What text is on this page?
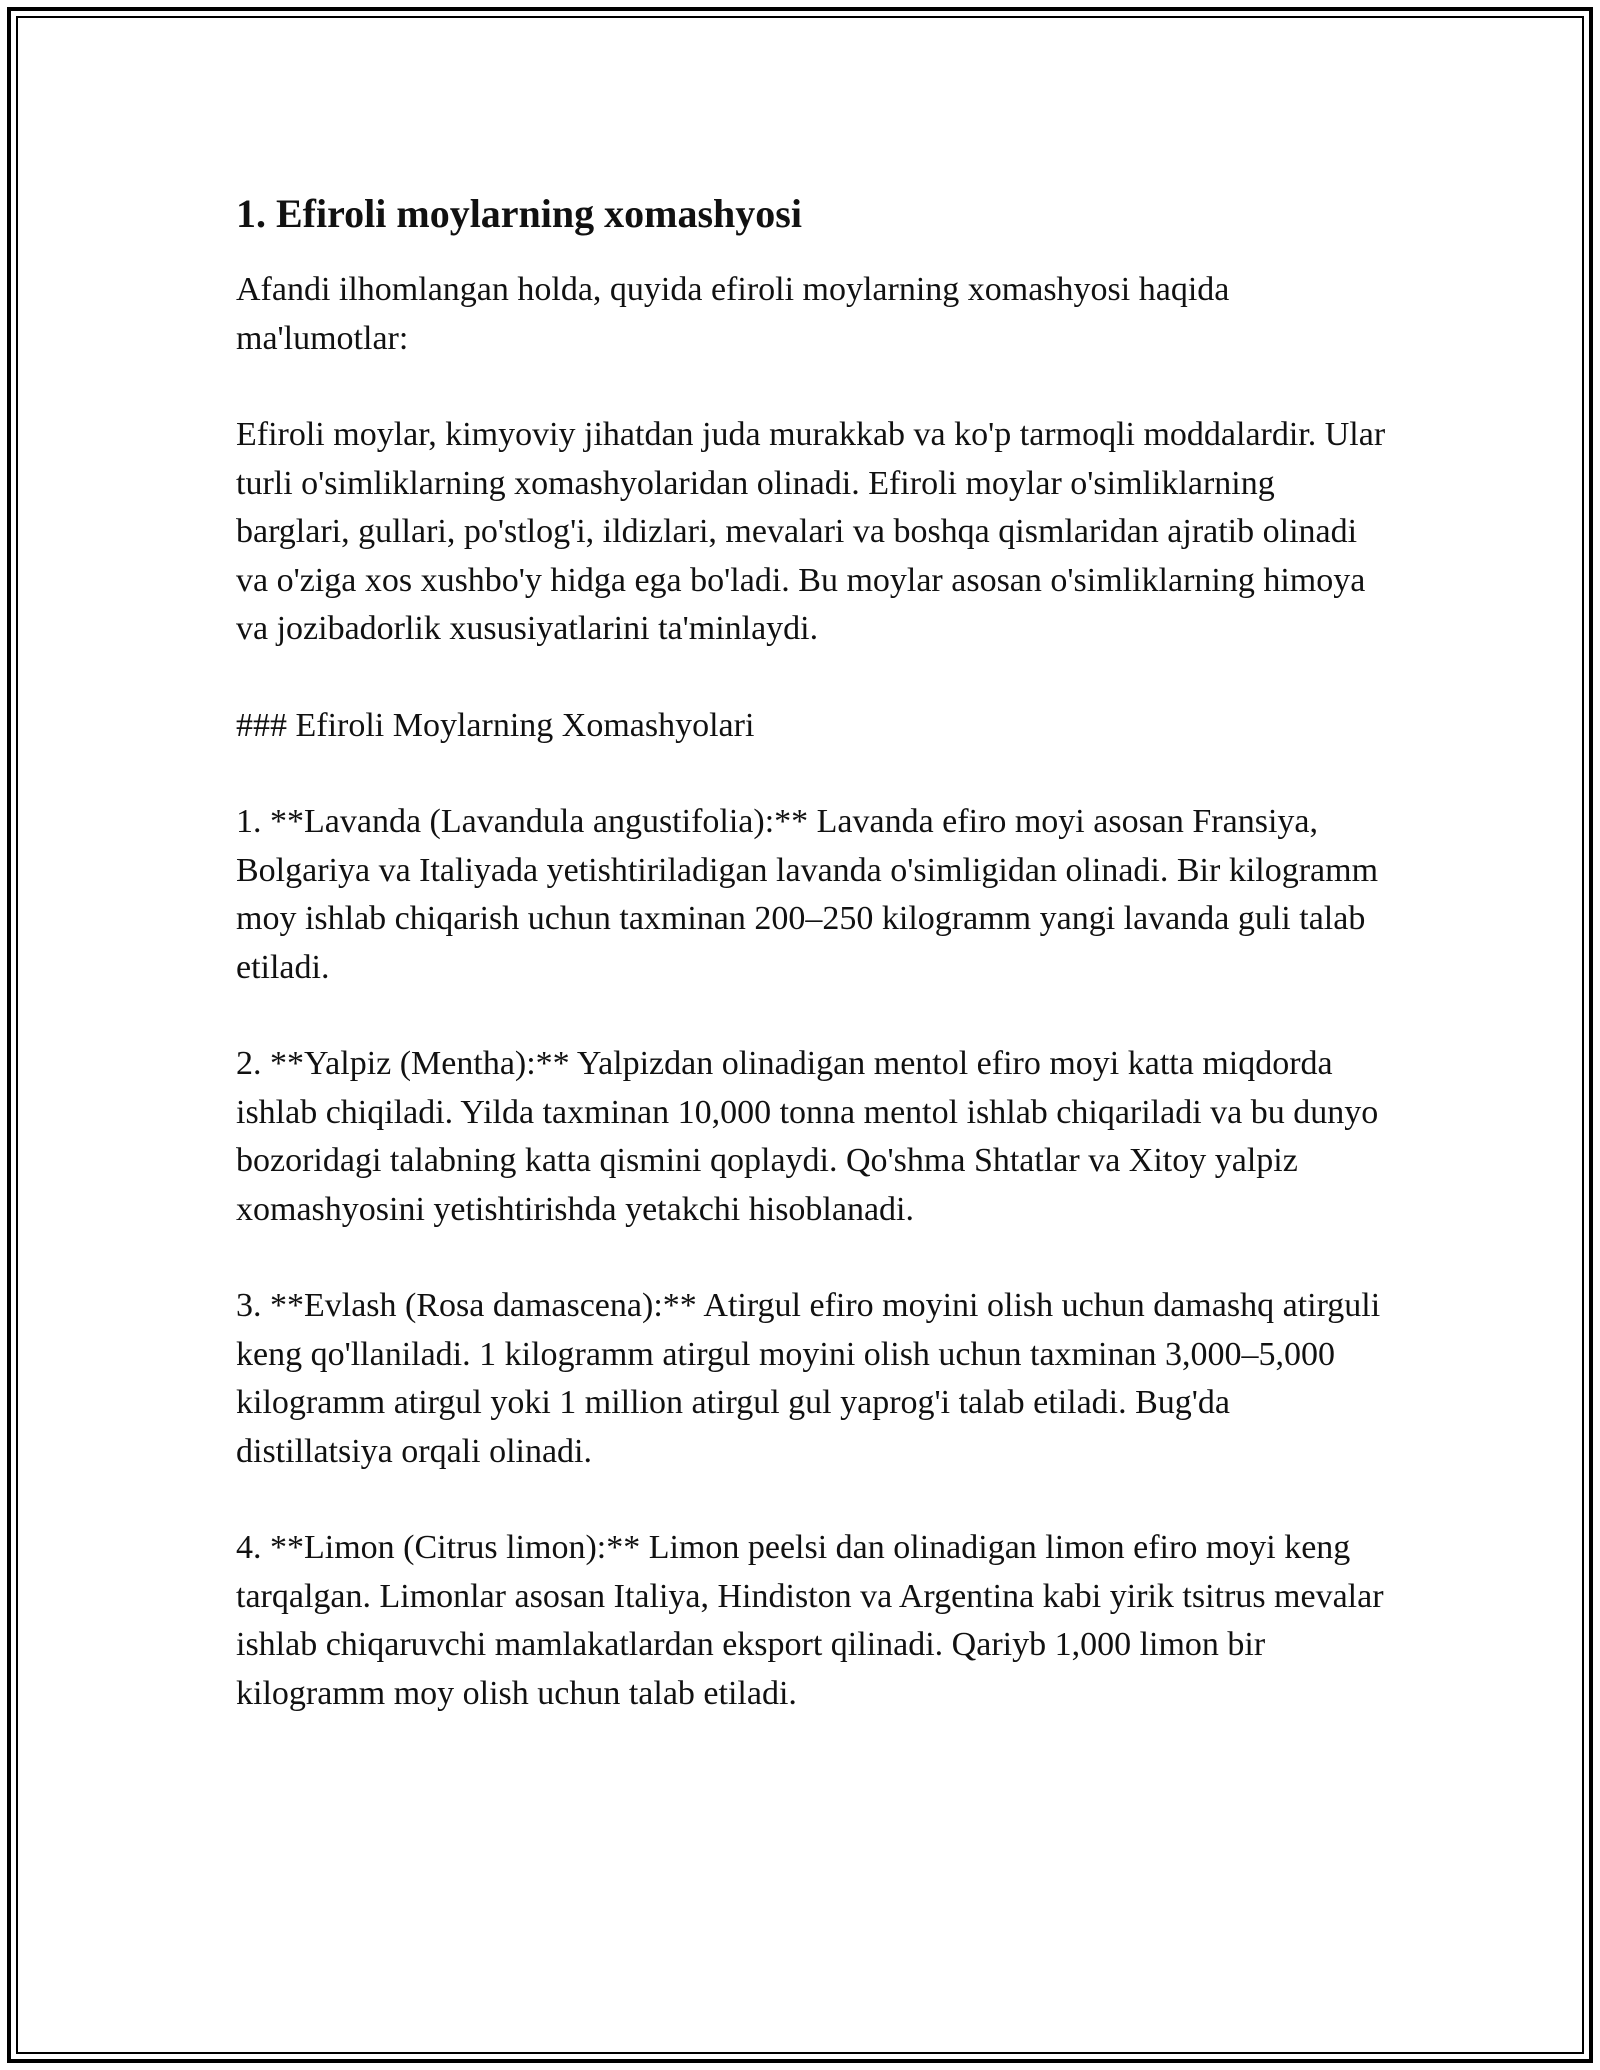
1. Efiroli moylarning xomashyosi

Afandi ilhomlangan holda, quyida efiroli moylarning xomashyosi haqida ma'lumotlar:

Efiroli moylar, kimyoviy jihatdan juda murakkab va ko'p tarmoqli moddalardir. Ular turli o'simliklarning xomashyolaridan olinadi. Efiroli moylar o'simliklarning barglari, gullari, po'stlog'i, ildizlari, mevalari va boshqa qismlaridan ajratib olinadi va o'ziga xos xushbo'y hidga ega bo'ladi. Bu moylar asosan o'simliklarning himoya va jozibadorlik xususiyatlarini ta'minlaydi.

### Efiroli Moylarning Xomashyolari

1. **Lavanda (Lavandula angustifolia):** Lavanda efiro moyi asosan Fransiya, Bolgariya va Italiyada yetishtiriladigan lavanda o'simligidan olinadi. Bir kilogramm moy ishlab chiqarish uchun taxminan 200–250 kilogramm yangi lavanda guli talab etiladi.

2. **Yalpiz (Mentha):** Yalpizdan olinadigan mentol efiro moyi katta miqdorda ishlab chiqiladi. Yilda taxminan 10,000 tonna mentol ishlab chiqariladi va bu dunyo bozoridagi talabning katta qismini qoplaydi. Qo'shma Shtatlar va Xitoy yalpiz xomashyosini yetishtirishda yetakchi hisoblanadi.

3. **Evlash (Rosa damascena):** Atirgul efiro moyini olish uchun damashq atirguli keng qo'llaniladi. 1 kilogramm atirgul moyini olish uchun taxminan 3,000–5,000 kilogramm atirgul yoki 1 million atirgul gul yaprog'i talab etiladi. Bug'da distillatsiya orqali olinadi.

4. **Limon (Citrus limon):** Limon peelsi dan olinadigan limon efiro moyi keng tarqalgan. Limonlar asosan Italiya, Hindiston va Argentina kabi yirik tsitrus mevalar ishlab chiqaruvchi mamlakatlardan eksport qilinadi. Qariyb 1,000 limon bir kilogramm moy olish uchun talab etiladi.
